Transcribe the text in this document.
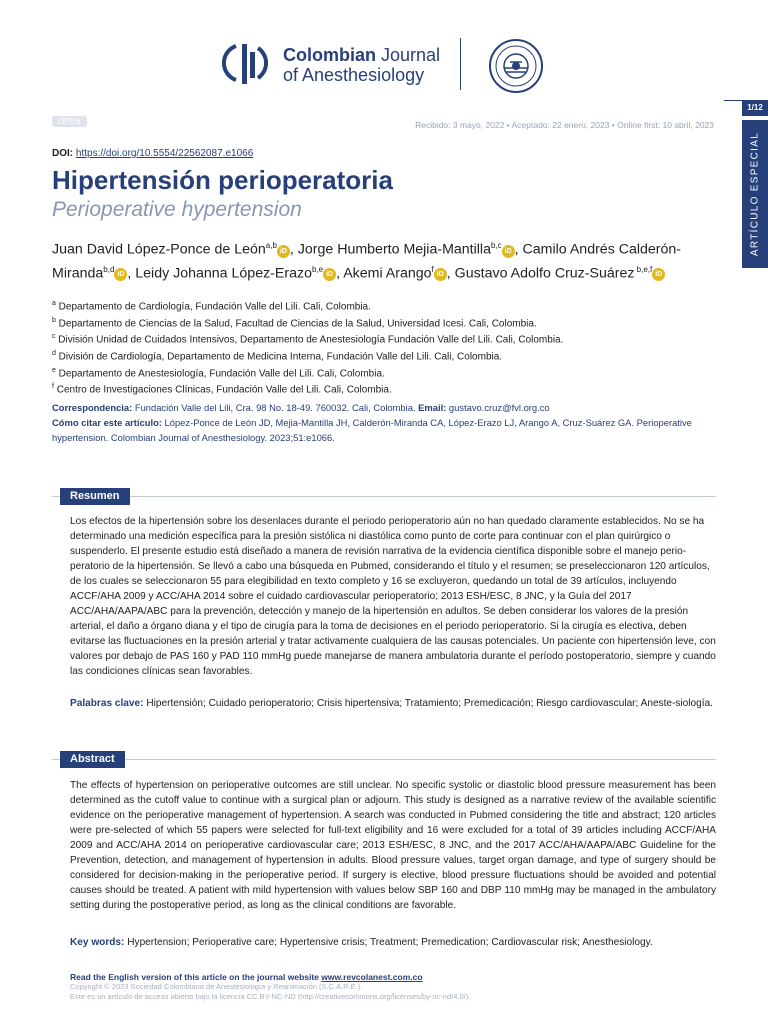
Colombian Journal
of Anesthesiology
1/12
ARTÍCULO ESPECIAL
OPEN	Recibido: 3 mayo, 2022 • Aceptado: 22 enero, 2023 • Online first: 10 abril, 2023
DOI: https://doi.org/10.5554/22562087.e1066
Hipertensión perioperatoria
Perioperative hypertension
Juan David López-Ponce de León$^{a,b}$iD , Jorge Humberto Mejia-Mantilla$^{b,c}$iD , Camilo Andrés Calderón-Miranda$^{b,d}$iD , Leidy Johanna López-Erazo$^{b,e}$iD , Akemi Arango$^f$iD , Gustavo Adolfo Cruz-Suárez $^{b,e,f}$iD
$^a$ Departamento de Cardiología, Fundación Valle del Lili. Cali, Colombia.
$^b$ Departamento de Ciencias de la Salud, Facultad de Ciencias de la Salud, Universidad Icesi. Cali, Colombia.
$^c$ División Unidad de Cuidados Intensivos, Departamento de Anestesiología Fundación Valle del Lili. Cali, Colombia.
$^d$ División de Cardiología, Departamento de Medicina Interna, Fundación Valle del Lili. Cali, Colombia.
$^e$ Departamento de Anestesiología, Fundación Valle del Lili. Cali, Colombia.
$^f$ Centro de Investigaciones Clínicas, Fundación Valle del Lili. Cali, Colombia.
Correspondencia: Fundación Valle del Lili, Cra. 98 No. 18-49. 760032. Cali, Colombia. Email: gustavo.cruz@fvl.org.co
Cómo citar este artículo: López-Ponce de León JD, Mejia-Mantilla JH, Calderón-Miranda CA, López-Erazo LJ, Arango A, Cruz-Suárez GA. Perioperative hypertension. Colombian Journal of Anesthesiology. 2023;51:e1066.
Resumen
Los efectos de la hipertensión sobre los desenlaces durante el periodo perioperatorio aún no han quedado claramente establecidos. No se ha determinado una medición específica para la presión sistólica ni diastólica como punto de corte para continuar con el plan quirúrgico o suspenderlo. El presente estudio está diseñado a manera de revisión narrativa de la evidencia científica disponible sobre el manejo perio-peratorio de la hipertensión. Se llevó a cabo una búsqueda en Pubmed, considerando el título y el resumen; se preseleccionaron 120 artículos, de los cuales se seleccionaron 55 para elegibilidad en texto completo y 16 se excluyeron, quedando un total de 39 artículos, incluyendo ACCF/AHA 2009 y ACC/AHA 2014 sobre el cuidado cardiovascular perioperatorio; 2013 ESH/ESC, 8 JNC, y la Guía del 2017 ACC/AHA/AAPA/ABC para la prevención, detección y manejo de la hipertensión en adultos. Se deben considerar los valores de la presión arterial, el daño a órgano diana y el tipo de cirugía para la toma de decisiones en el periodo perioperatorio. Si la cirugía es electiva, deben evitarse las fluctuaciones en la presión arterial y tratar activamente cualquiera de las causas potenciales. Un paciente con hipertensión leve, con valores por debajo de PAS 160 y PAD 110 mmHg puede manejarse de manera ambulatoria durante el período postoperatorio, siempre y cuando las condiciones clínicas sean favorables.
Palabras clave: Hipertensión; Cuidado perioperatorio; Crisis hipertensiva; Tratamiento; Premedicación; Riesgo cardiovascular; Aneste-siología.
Abstract
The effects of hypertension on perioperative outcomes are still unclear. No specific systolic or diastolic blood pressure measurement has been determined as the cutoff value to continue with a surgical plan or adjourn. This study is designed as a narrative review of the available scientific evidence on the perioperative management of hypertension. A search was conducted in Pubmed considering the title and abstract; 120 articles were pre-selected of which 55 papers were selected for full-text eligibility and 16 were excluded for a total of 39 articles including ACCF/AHA 2009 and ACC/AHA 2014 on perioperative cardiovascular care; 2013 ESH/ESC, 8 JNC, and the 2017 ACC/AHA/AAPA/ABC Guideline for the Prevention, detection, and management of hypertension in adults. Blood pressure values, target organ damage, and type of surgery should be considered for decision-making in the perioperative period. If surgery is elective, blood pressure fluctuations should be avoided and potential causes should be treated. A patient with mild hypertension with values below SBP 160 and DBP 110 mmHg may be managed in the ambulatory setting during the postoperative period, as long as the clinical conditions are favorable.
Key words: Hypertension; Perioperative care; Hypertensive crisis; Treatment; Premedication; Cardiovascular risk; Anesthesiology.
Read the English version of this article on the journal website www.revcolanest.com.co
Copyright © 2023 Sociedad Colombiana de Anestesiología y Reanimación (S.C.A.R.E.).
Este es un artículo de acceso abierto bajo la licencia CC BY-NC-ND (http://creativecommons.org/licenses/by-nc-nd/4.0/).
